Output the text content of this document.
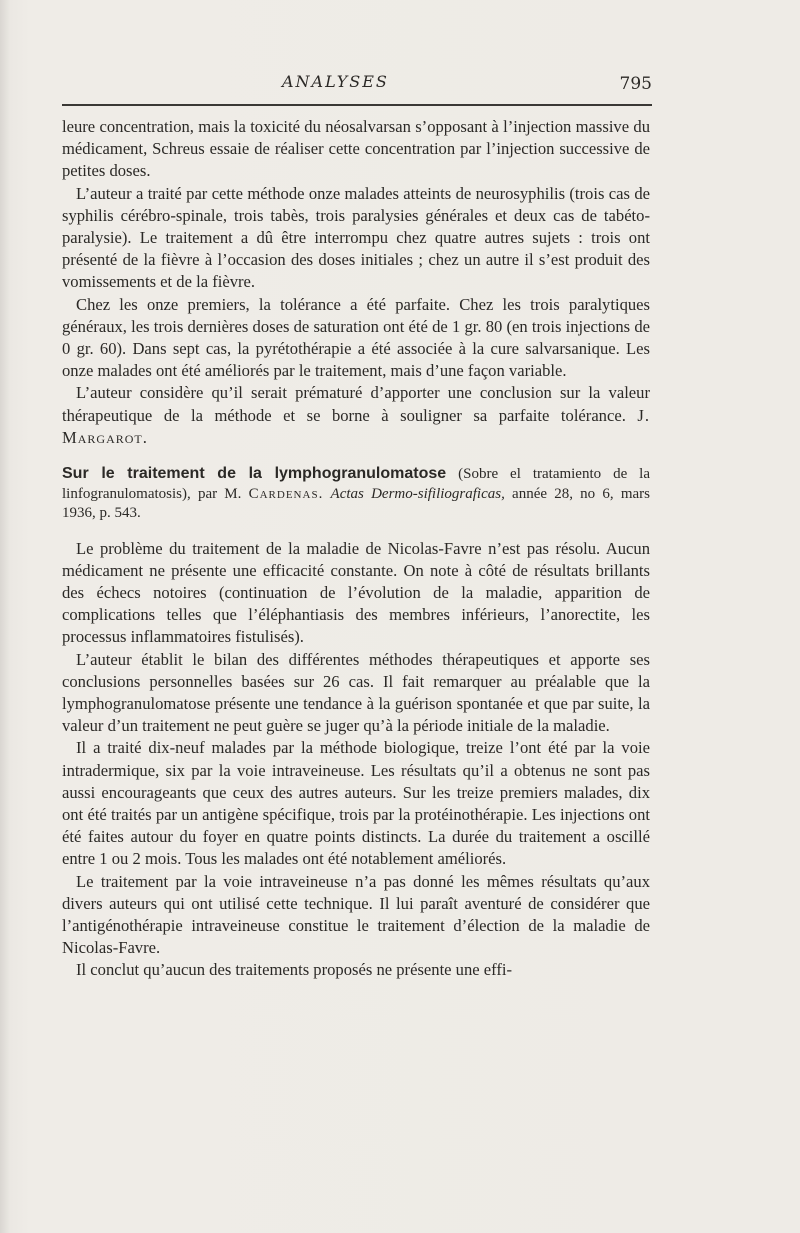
ANALYSES	795

leure concentration, mais la toxicité du néosalvarsan s’opposant à l’injection massive du médicament, Schreus essaie de réaliser cette concentration par l’injection successive de petites doses.

L’auteur a traité par cette méthode onze malades atteints de neurosyphilis (trois cas de syphilis cérébro-spinale, trois tabès, trois paralysies générales et deux cas de tabéto-paralysie). Le traitement a dû être interrompu chez quatre autres sujets : trois ont présenté de la fièvre à l’occasion des doses initiales ; chez un autre il s’est produit des vomissements et de la fièvre.

Chez les onze premiers, la tolérance a été parfaite. Chez les trois paralytiques généraux, les trois dernières doses de saturation ont été de 1 gr. 80 (en trois injections de 0 gr. 60). Dans sept cas, la pyrétothérapie a été associée à la cure salvarsanique. Les onze malades ont été améliorés par le traitement, mais d’une façon variable.

L’auteur considère qu’il serait prématuré d’apporter une conclusion sur la valeur thérapeutique de la méthode et se borne à souligner sa parfaite tolérance. J. Margarot.

Sur le traitement de la lymphogranulomatose (Sobre el tratamiento de la linfogranulomatosis), par M. Cardenas. Actas Dermo-sifiliograficas, année 28, no 6, mars 1936, p. 543.

Le problème du traitement de la maladie de Nicolas-Favre n’est pas résolu. Aucun médicament ne présente une efficacité constante. On note à côté de résultats brillants des échecs notoires (continuation de l’évolution de la maladie, apparition de complications telles que l’éléphantiasis des membres inférieurs, l’anorectite, les processus inflammatoires fistulisés).

L’auteur établit le bilan des différentes méthodes thérapeutiques et apporte ses conclusions personnelles basées sur 26 cas. Il fait remarquer au préalable que la lymphogranulomatose présente une tendance à la guérison spontanée et que par suite, la valeur d’un traitement ne peut guère se juger qu’à la période initiale de la maladie.

Il a traité dix-neuf malades par la méthode biologique, treize l’ont été par la voie intradermique, six par la voie intraveineuse. Les résultats qu’il a obtenus ne sont pas aussi encourageants que ceux des autres auteurs. Sur les treize premiers malades, dix ont été traités par un antigène spécifique, trois par la protéinothérapie. Les injections ont été faites autour du foyer en quatre points distincts. La durée du traitement a oscillé entre 1 ou 2 mois. Tous les malades ont été notablement améliorés.

Le traitement par la voie intraveineuse n’a pas donné les mêmes résultats qu’aux divers auteurs qui ont utilisé cette technique. Il lui paraît aventuré de considérer que l’antigénothérapie intraveineuse constitue le traitement d’élection de la maladie de Nicolas-Favre.

Il conclut qu’aucun des traitements proposés ne présente une effi-
